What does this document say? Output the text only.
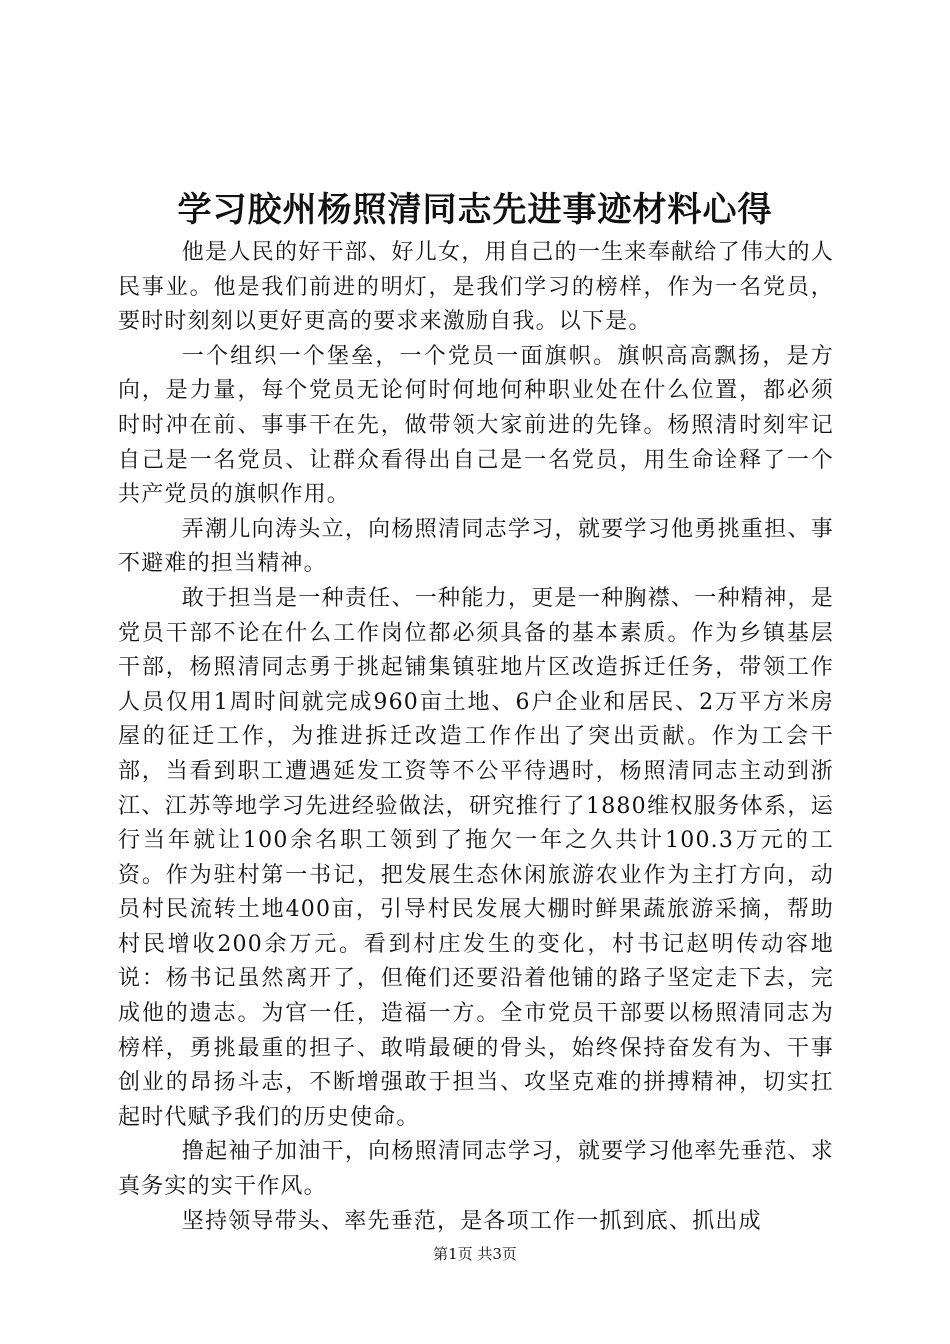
学习胶州杨照清同志先进事迹材料心得

他是人民的好干部、好儿女，用自己的一生来奉献给了伟大的人民事业。他是我们前进的明灯，是我们学习的榜样，作为一名党员，要时时刻刻以更好更高的要求来激励自我。以下是。

一个组织一个堡垒，一个党员一面旗帜。旗帜高高飘扬，是方向，是力量，每个党员无论何时何地何种职业处在什么位置，都必须时时冲在前、事事干在先，做带领大家前进的先锋。杨照清时刻牢记自己是一名党员、让群众看得出自己是一名党员，用生命诠释了一个共产党员的旗帜作用。

弄潮儿向涛头立，向杨照清同志学习，就要学习他勇挑重担、事不避难的担当精神。

敢于担当是一种责任、一种能力，更是一种胸襟、一种精神，是党员干部不论在什么工作岗位都必须具备的基本素质。作为乡镇基层干部，杨照清同志勇于挑起铺集镇驻地片区改造拆迁任务，带领工作人员仅用1周时间就完成960亩土地、6户企业和居民、2万平方米房屋的征迁工作，为推进拆迁改造工作作出了突出贡献。作为工会干部，当看到职工遭遇延发工资等不公平待遇时，杨照清同志主动到浙江、江苏等地学习先进经验做法，研究推行了1880维权服务体系，运行当年就让100余名职工领到了拖欠一年之久共计100.3万元的工资。作为驻村第一书记，把发展生态休闲旅游农业作为主打方向，动员村民流转土地400亩，引导村民发展大棚时鲜果蔬旅游采摘，帮助村民增收200余万元。看到村庄发生的变化，村书记赵明传动容地说：杨书记虽然离开了，但俺们还要沿着他铺的路子坚定走下去，完成他的遗志。为官一任，造福一方。全市党员干部要以杨照清同志为榜样，勇挑最重的担子、敢啃最硬的骨头，始终保持奋发有为、干事创业的昂扬斗志，不断增强敢于担当、攻坚克难的拼搏精神，切实扛起时代赋予我们的历史使命。

撸起袖子加油干，向杨照清同志学习，就要学习他率先垂范、求真务实的实干作风。

坚持领导带头、率先垂范，是各项工作一抓到底、抓出成

第1页 共3页
